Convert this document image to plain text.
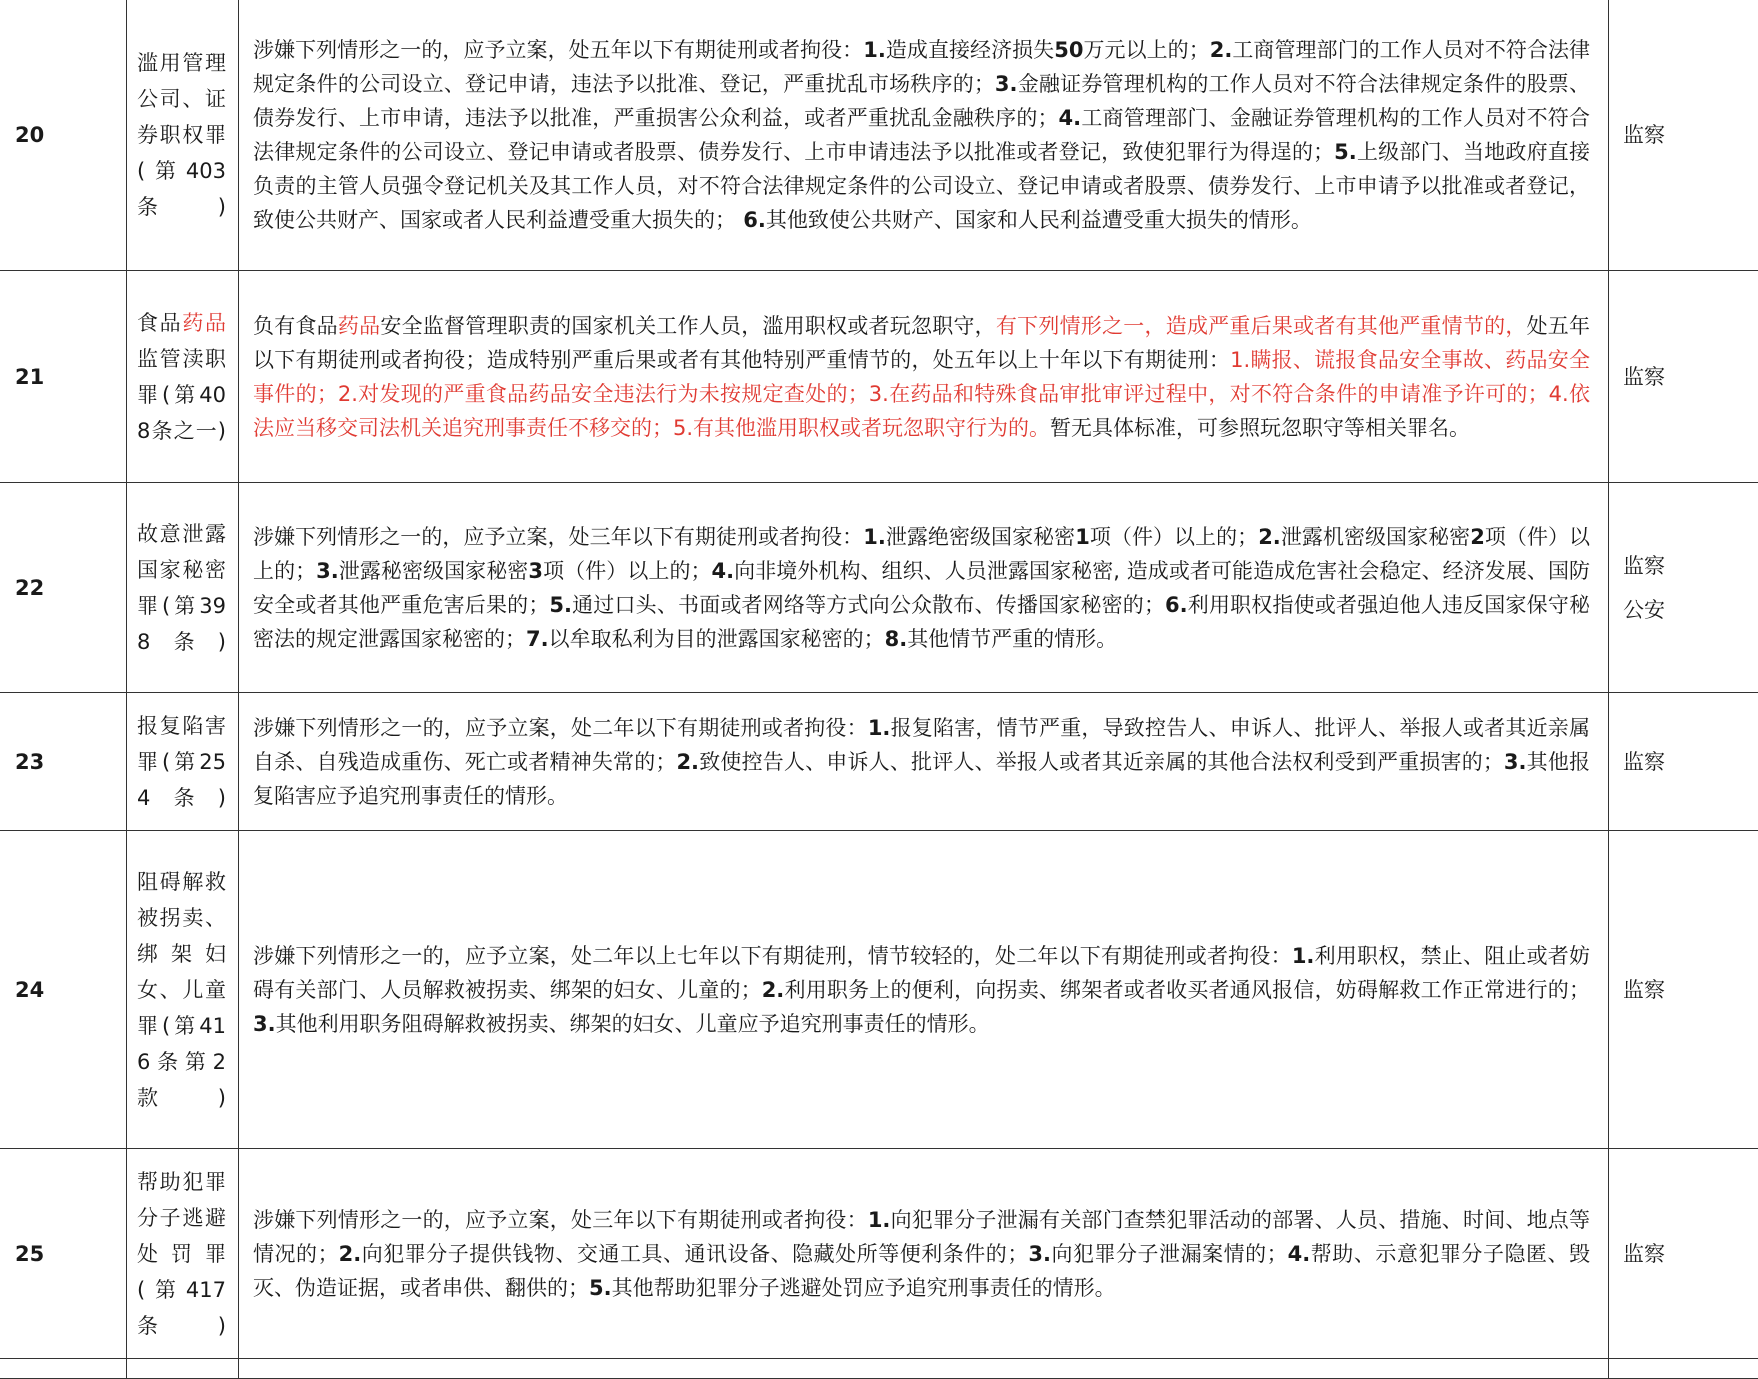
20	滥用管理公司、证券职权罪(第403条)	涉嫌下列情形之一的，应予立案，处五年以下有期徒刑或者拘役：1.造成直接经济损失50万元以上的；2.工商管理部门的工作人员对不符合法律规定条件的公司设立、登记申请，违法予以批准、登记，严重扰乱市场秩序的；3.金融证券管理机构的工作人员对不符合法律规定条件的股票、债券发行、上市申请，违法予以批准，严重损害公众利益，或者严重扰乱金融秩序的；4.工商管理部门、金融证券管理机构的工作人员对不符合法律规定条件的公司设立、登记申请或者股票、债券发行、上市申请违法予以批准或者登记，致使犯罪行为得逞的；5.上级部门、当地政府直接负责的主管人员强令登记机关及其工作人员，对不符合法律规定条件的公司设立、登记申请或者股票、债券发行、上市申请予以批准或者登记，致使公共财产、国家或者人民利益遭受重大损失的； 6.其他致使公共财产、国家和人民利益遭受重大损失的情形。	监察

21	食品药品监管渎职罪(第408条之一)	负有食品药品安全监督管理职责的国家机关工作人员，滥用职权或者玩忽职守，有下列情形之一，造成严重后果或者有其他严重情节的，处五年以下有期徒刑或者拘役；造成特别严重后果或者有其他特别严重情节的，处五年以上十年以下有期徒刑：1.瞒报、谎报食品安全事故、药品安全事件的；2.对发现的严重食品药品安全违法行为未按规定查处的；3.在药品和特殊食品审批审评过程中，对不符合条件的申请准予许可的；4.依法应当移交司法机关追究刑事责任不移交的；5.有其他滥用职权或者玩忽职守行为的。暂无具体标准，可参照玩忽职守等相关罪名。	监察

22	故意泄露国家秘密罪(第398条)	涉嫌下列情形之一的，应予立案，处三年以下有期徒刑或者拘役：1.泄露绝密级国家秘密1项（件）以上的；2.泄露机密级国家秘密2项（件）以上的；3.泄露秘密级国家秘密3项（件）以上的；4.向非境外机构、组织、人员泄露国家秘密, 造成或者可能造成危害社会稳定、经济发展、国防安全或者其他严重危害后果的；5.通过口头、书面或者网络等方式向公众散布、传播国家秘密的；6.利用职权指使或者强迫他人违反国家保守秘密法的规定泄露国家秘密的；7.以牟取私利为目的泄露国家秘密的；8.其他情节严重的情形。	监察
公安

23	报复陷害罪(第254条)	涉嫌下列情形之一的，应予立案，处二年以下有期徒刑或者拘役：1.报复陷害，情节严重，导致控告人、申诉人、批评人、举报人或者其近亲属自杀、自残造成重伤、死亡或者精神失常的；2.致使控告人、申诉人、批评人、举报人或者其近亲属的其他合法权利受到严重损害的；3.其他报复陷害应予追究刑事责任的情形。	监察

24	阻碍解救被拐卖、绑架妇女、儿童罪(第416条第2款)	涉嫌下列情形之一的，应予立案，处二年以上七年以下有期徒刑，情节较轻的，处二年以下有期徒刑或者拘役：1.利用职权，禁止、阻止或者妨碍有关部门、人员解救被拐卖、绑架的妇女、儿童的；2.利用职务上的便利，向拐卖、绑架者或者收买者通风报信，妨碍解救工作正常进行的；3.其他利用职务阻碍解救被拐卖、绑架的妇女、儿童应予追究刑事责任的情形。	监察

25	帮助犯罪分子逃避处罚罪(第417条)	涉嫌下列情形之一的，应予立案，处三年以下有期徒刑或者拘役：1.向犯罪分子泄漏有关部门查禁犯罪活动的部署、人员、措施、时间、地点等情况的；2.向犯罪分子提供钱物、交通工具、通讯设备、隐藏处所等便利条件的；3.向犯罪分子泄漏案情的；4.帮助、示意犯罪分子隐匿、毁灭、伪造证据，或者串供、翻供的；5.其他帮助犯罪分子逃避处罚应予追究刑事责任的情形。	监察
